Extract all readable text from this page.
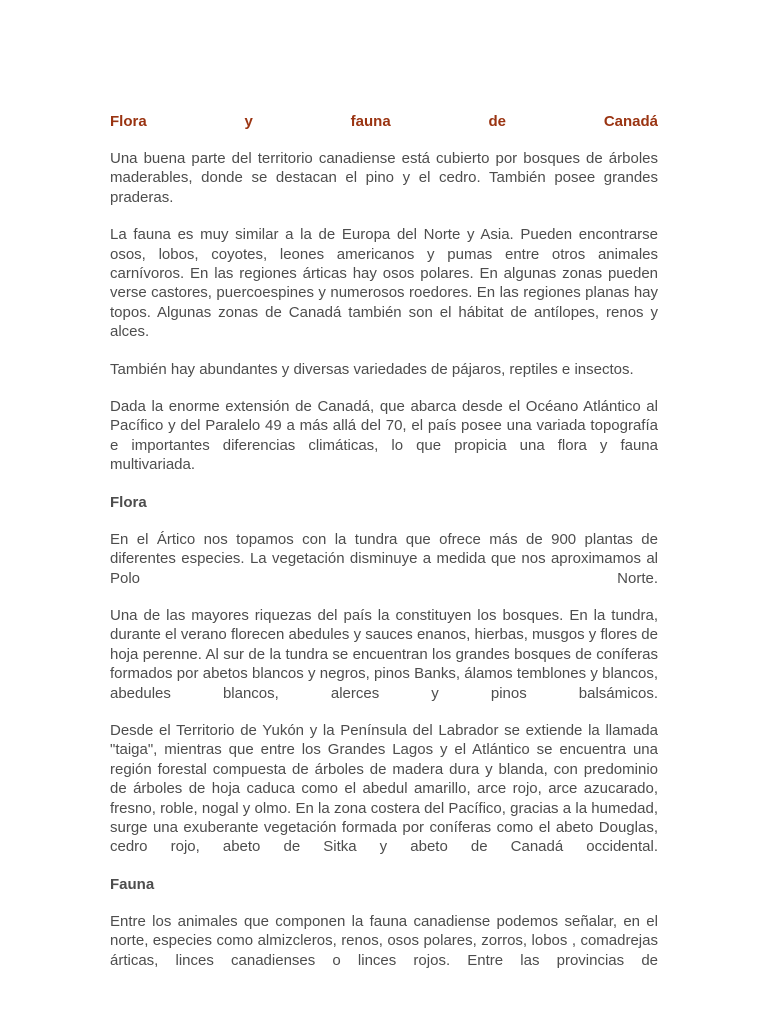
Flora	y	fauna	de	Canadá

Una buena parte del territorio canadiense está cubierto por bosques de árboles maderables, donde se destacan el pino y el cedro. También posee grandes praderas.

La fauna es muy similar a la de Europa del Norte y Asia. Pueden encontrarse osos, lobos, coyotes, leones americanos y pumas entre otros animales carnívoros. En las regiones árticas hay osos polares. En algunas zonas pueden verse castores, puercoespines y numerosos roedores. En las regiones planas hay topos. Algunas zonas de Canadá también son el hábitat de antílopes, renos y alces.

También hay abundantes y diversas variedades de pájaros, reptiles e insectos.

Dada la enorme extensión de Canadá, que abarca desde el Océano Atlántico al Pacífico y del Paralelo 49 a más allá del 70, el país posee una variada topografía e importantes diferencias climáticas, lo que propicia una flora y fauna multivariada.

Flora

En el Ártico nos topamos con la tundra que ofrece más de 900 plantas de diferentes especies. La vegetación disminuye a medida que nos aproximamos al Polo Norte.

Una de las mayores riquezas del país la constituyen los bosques. En la tundra, durante el verano florecen abedules y sauces enanos, hierbas, musgos y flores de hoja perenne. Al sur de la tundra se encuentran los grandes bosques de coníferas formados por abetos blancos y negros, pinos Banks, álamos temblones y blancos, abedules blancos, alerces y pinos balsámicos.

Desde el Territorio de Yukón y la Península del Labrador se extiende la llamada "taiga", mientras que entre los Grandes Lagos y el Atlántico se encuentra una región forestal compuesta de árboles de madera dura y blanda, con predominio de árboles de hoja caduca como el abedul amarillo, arce rojo, arce azucarado, fresno, roble, nogal y olmo. En la zona costera del Pacífico, gracias a la humedad, surge una exuberante vegetación formada por coníferas como el abeto Douglas, cedro rojo, abeto de Sitka y abeto de Canadá occidental.

Fauna

Entre los animales que componen la fauna canadiense podemos señalar, en el norte, especies como almizcleros, renos, osos polares, zorros, lobos , comadrejas árticas, linces canadienses o linces rojos. Entre las provincias de
